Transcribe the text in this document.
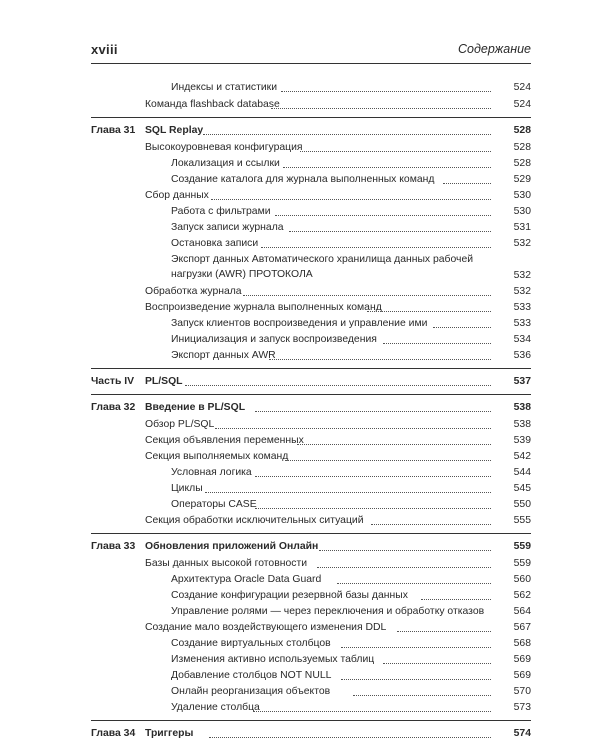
xviii	Содержание
Индексы и статистики	524
Команда flashback database	524
Глава 31 SQL Replay	528
Высокоуровневая конфигурация	528
Локализация и ссылки	528
Создание каталога для журнала выполненных команд	529
Сбор данных	530
Работа с фильтрами	530
Запуск записи журнала	531
Остановка записи	532
Экспорт данных Автоматического хранилища данных рабочей нагрузки (AWR) ПРОТОКОЛА	532
Обработка журнала	532
Воспроизведение журнала выполненных команд	533
Запуск клиентов воспроизведения и управление ими	533
Инициализация и запуск воспроизведения	534
Экспорт данных AWR	536
Часть IV PL/SQL	537
Глава 32 Введение в PL/SQL	538
Обзор PL/SQL	538
Секция объявления переменных	539
Секция выполняемых команд	542
Условная логика	544
Циклы	545
Операторы CASE	550
Секция обработки исключительных ситуаций	555
Глава 33 Обновления приложений Онлайн	559
Базы данных высокой готовности	559
Архитектура Oracle Data Guard	560
Создание конфигурации резервной базы данных	562
Управление ролями — через переключения и обработку отказов	564
Создание мало воздействующего изменения DDL	567
Создание виртуальных столбцов	568
Изменения активно используемых таблиц	569
Добавление столбцов NOT NULL	569
Онлайн реорганизация объектов	570
Удаление столбца	573
Глава 34 Триггеры	574
